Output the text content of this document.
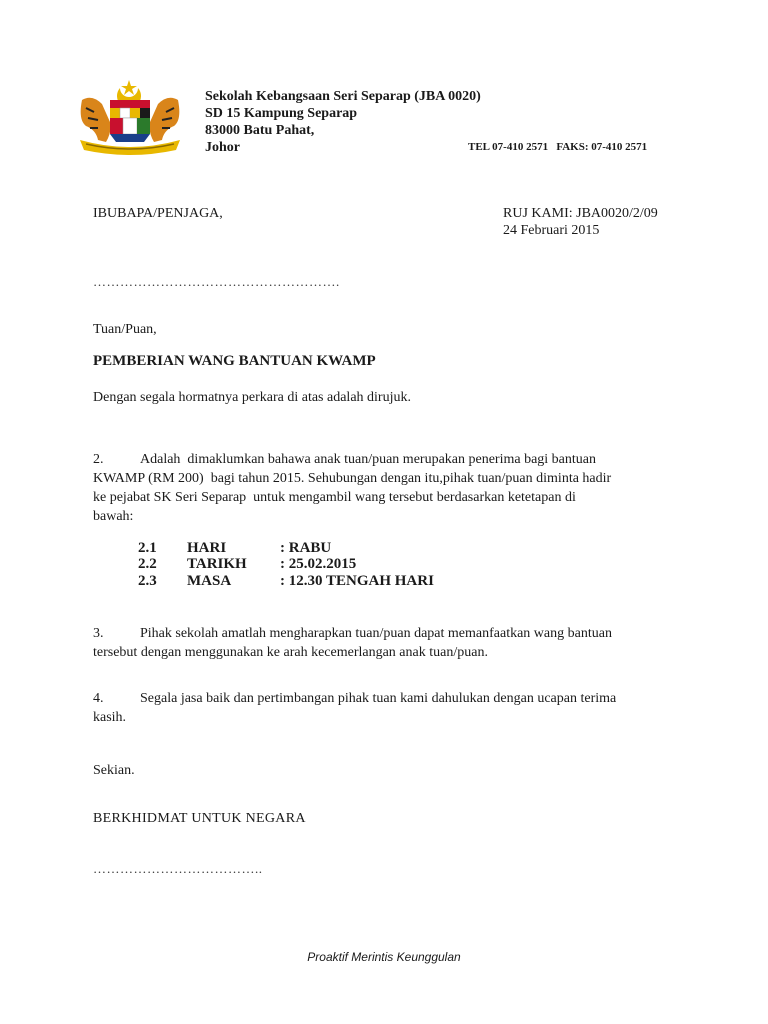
Sekolah Kebangsaan Seri Separap (JBA 0020)
SD 15 Kampung Separap
83000 Batu Pahat,
Johor	TEL 07-410 2571   FAKS: 07-410 2571
IBUBAPA/PENJAGA,	RUJ KAMI: JBA0020/2/09
24 Februari 2015
……………………………………………….
Tuan/Puan,
PEMBERIAN WANG BANTUAN KWAMP
Dengan segala hormatnya perkara di atas adalah dirujuk.
2.	Adalah  dimaklumkan bahawa anak tuan/puan merupakan penerima bagi bantuan
KWAMP (RM 200)  bagi tahun 2015. Sehubungan dengan itu,pihak tuan/puan diminta hadir
ke pejabat SK Seri Separap  untuk mengambil wang tersebut berdasarkan ketetapan di
bawah:
2.1 HARI	: RABU
2.2 TARIKH : 25.02.2015
2.3 MASA	: 12.30 TENGAH HARI
3.	Pihak sekolah amatlah mengharapkan tuan/puan dapat memanfaatkan wang bantuan
tersebut dengan menggunakan ke arah kecemerlangan anak tuan/puan.
4.	Segala jasa baik dan pertimbangan pihak tuan kami dahulukan dengan ucapan terima
kasih.
Sekian.
BERKHIDMAT UNTUK NEGARA
………………………………..
Proaktif Merintis Keunggulan
